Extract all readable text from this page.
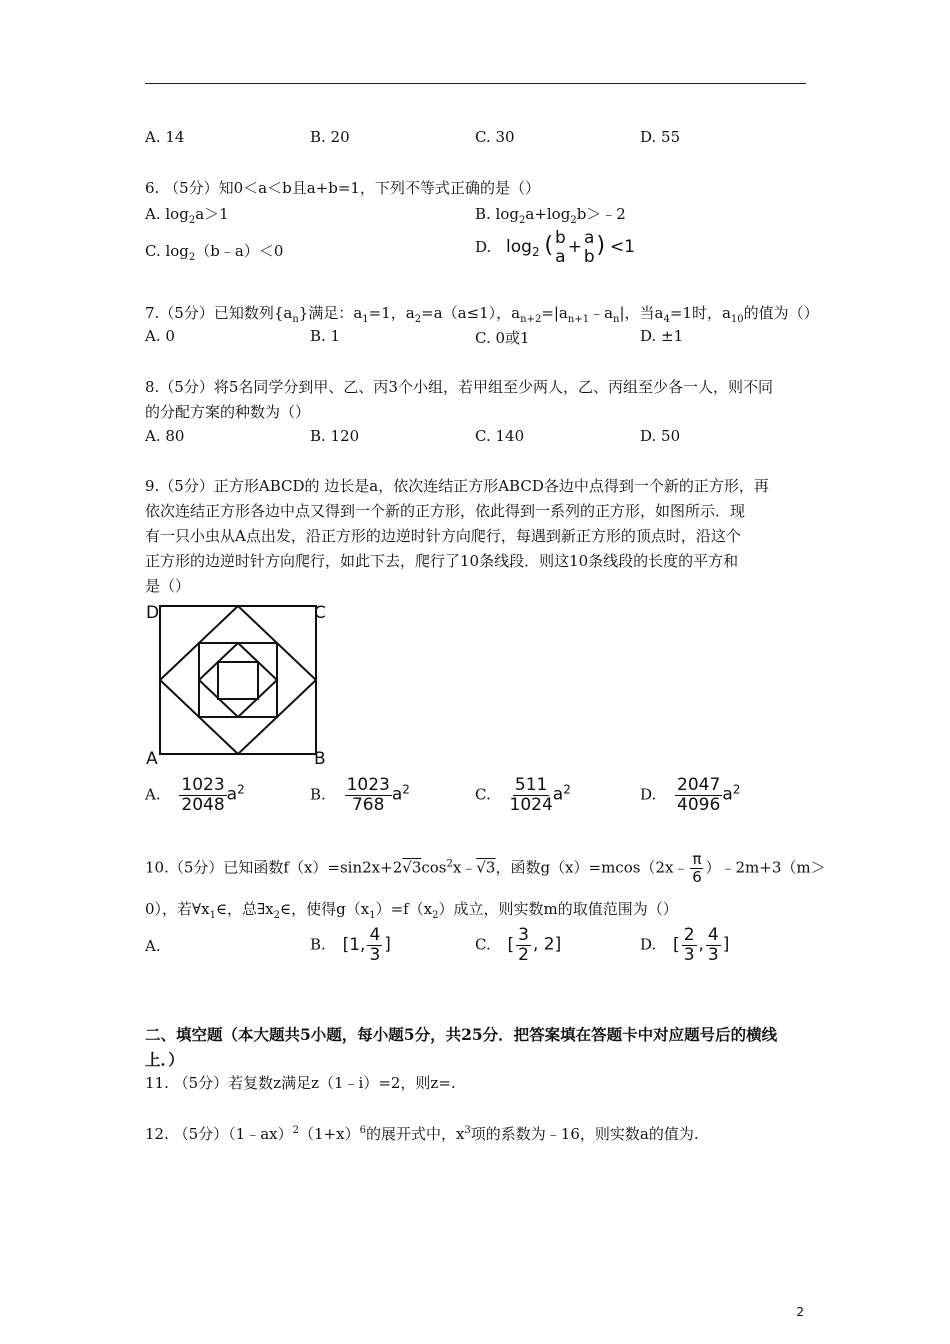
A. 14	B. 20	C. 30	D. 55
6. （5分）知0＜a＜b且a+b=1，下列不等式正确的是（）
A. $\log_2a>1$	B. $\log_2a+\log_2b>﹣2$
C. $\log_2(b﹣a)<0$	D. $\log_2$ ( b
a + a
b ) <1
7.（5分）已知数列$\{a_n\}$满足：$a_1=1$，$a_2=a(a\le 1)$，$a_{n+2}=|a_{n+1}﹣a_n|$，当$a_4=1$时，$a_{10}$的值为（）
A. 0	B. 1	C. 0或1	D. ±1
8.（5分）将5名同学分到甲、乙、丙3个小组，若甲组至少两人，乙、丙组至少各一人，则不同
的分配方案的种数为（）
A. 80	B. 120	C. 140	D. 50
9.（5分）正方形ABCD的 边长是a，依次连结正方形ABCD各边中点得到一个新的正方形，再
依次连结正方形各边中点又得到一个新的正方形，依此得到一系列的正方形，如图所示．现
有一只小虫从A点出发，沿正方形的边逆时针方向爬行，每遇到新正方形的顶点时，沿这个
正方形的边逆时针方向爬行，如此下去，爬行了10条线段．则这10条线段的长度的平方和
是（）
D	C
A	B
A. $\frac{1023}{2048} a^2$	B. $\frac{1023}{768} a^2$	C. $\frac{511}{1024} a^2$	D. $\frac{2047}{4096} a^2$
10.（5分）已知函数$f(x)=\sin 2x+2√3\cos^2x﹣√3$，函数g（x）=mcos（2x﹣ $\frac{\pi}{6}$ ）﹣2m+3（m＞
0），若$\forall x_1\in$，总$\exists x_2\in$，使得$g(x_1)=f(x_2)$成立，则实数m的取值范围为（）
A.	B. [1, $\frac{4}{3}$ ]	C. [ $\frac{3}{2}$ , 2]	D. [ $\frac{2}{3}$ , $\frac{4}{3}$ ]
二、填空题（本大题共5小题，每小题5分，共25分．把答案填在答题卡中对应题号后的横线
上．）
11. （5分）若复数z满足z（1﹣i）=2，则z=.
12. （5分）$(1﹣ax)^2(1+x)^6$的展开式中，$x^3$项的系数为﹣16，则实数a的值为.
2
